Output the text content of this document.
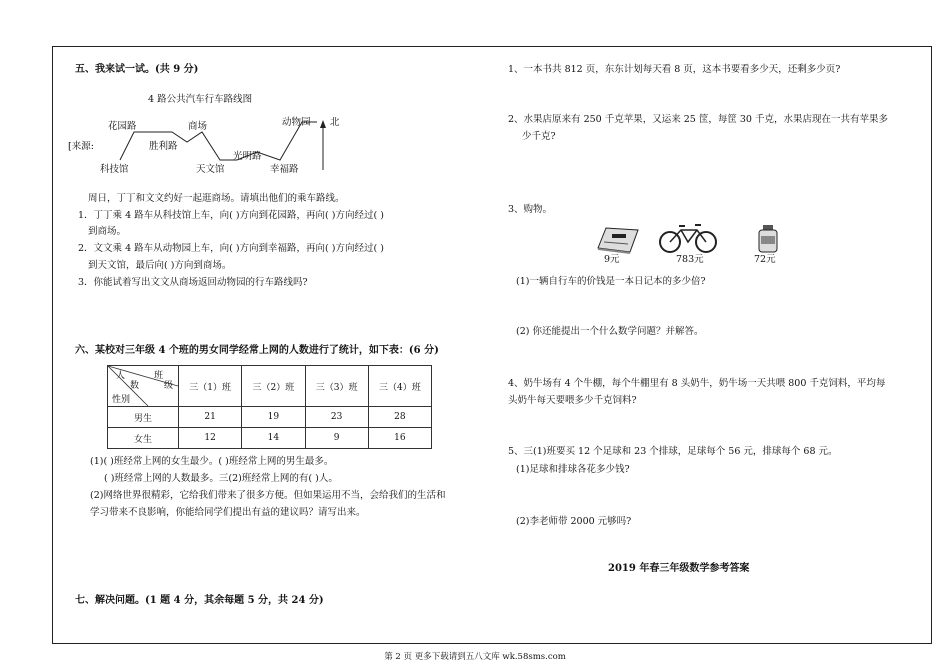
五、我来试一试。(共 9 分)
4 路公共汽车行车路线图
花园路
胜利路
商场	动物园
科技馆	天文馆
光明路
幸福路
北
[来源:
周日，丁丁和文文约好一起逛商场。请填出他们的乘车路线。
1．丁丁乘 4 路车从科技馆上车，向( )方向到花园路，再向( )方向经过( )
到商场。
2．文文乘 4 路车从动物园上车，向( )方向到幸福路，再向( )方向经过( )
到天文馆，最后向( )方向到商场。
3．你能试着写出文文从商场返回动物园的行车路线吗?
六、某校对三年级 4 个班的男女同学经常上网的人数进行了统计，如下表：(6 分)
班
级
人
数
性别	三（1）班	三（2）班	三（3）班	三（4）班

男生	21	19	23	28
女生	12	14	9	16
(1)( )班经常上网的女生最少。( )班经常上网的男生最多。
( )班经常上网的人数最多。三(2)班经常上网的有( )人。
(2)网络世界很精彩，它给我们带来了很多方便。但如果运用不当，会给我们的生活和
学习带来不良影响，你能给同学们提出有益的建议吗？请写出来。
七、解决问题。(1 题 4 分，其余每题 5 分，共 24 分)
1、一本书共 812 页，东东计划每天看 8 页，这本书要看多少天，还剩多少页?
2、水果店原来有 250 千克苹果，又运来 25 筐，每筐 30 千克，水果店现在一共有苹果多
少千克?
3、购物。
9元	783元	72元
(1)一辆自行车的价钱是一本日记本的多少倍?
(2) 你还能提出一个什么数学问题？并解答。
4、奶牛场有 4 个牛棚，每个牛棚里有 8 头奶牛，奶牛场一天共喂 800 千克饲料，平均每
头奶牛每天要喂多少千克饲料?
5、三(1)班要买 12 个足球和 23 个排球，足球每个 56 元，排球每个 68 元。
(1)足球和排球各花多少钱?
(2)李老师带 2000 元够吗?
2019 年春三年级数学参考答案
第 2 页 更多下载请到五八文库 wk.58sms.com
